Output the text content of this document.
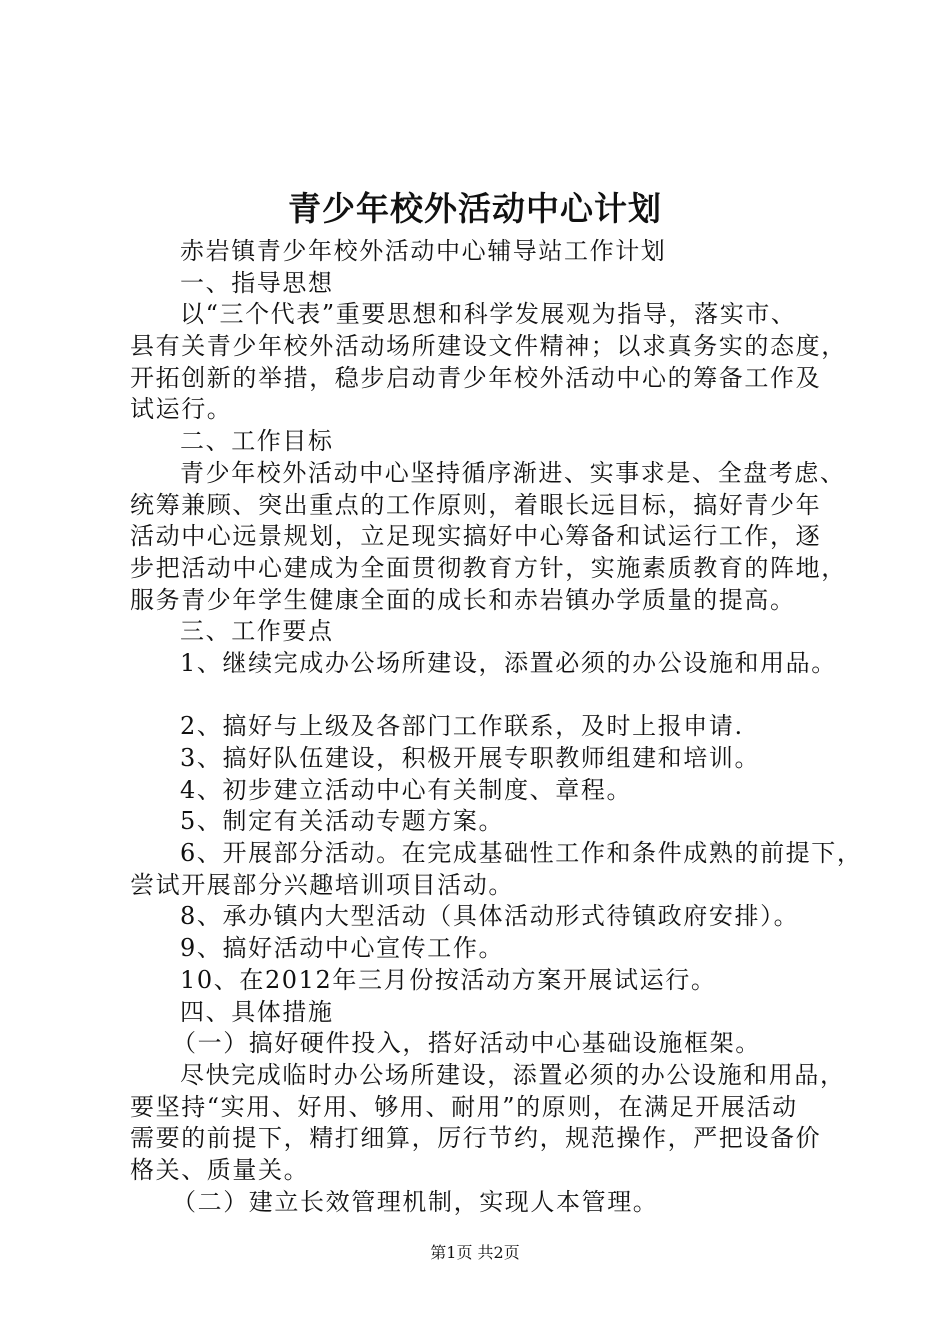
青少年校外活动中心计划
赤岩镇青少年校外活动中心辅导站工作计划
一、指导思想
以“三个代表”重要思想和科学发展观为指导，落实市、
县有关青少年校外活动场所建设文件精神；以求真务实的态度，
开拓创新的举措，稳步启动青少年校外活动中心的筹备工作及
试运行。
二、工作目标
青少年校外活动中心坚持循序渐进、实事求是、全盘考虑、
统筹兼顾、突出重点的工作原则，着眼长远目标，搞好青少年
活动中心远景规划，立足现实搞好中心筹备和试运行工作，逐
步把活动中心建成为全面贯彻教育方针，实施素质教育的阵地，
服务青少年学生健康全面的成长和赤岩镇办学质量的提高。
三、工作要点
1、继续完成办公场所建设，添置必须的办公设施和用品。
2、搞好与上级及各部门工作联系，及时上报申请.
3、搞好队伍建设，积极开展专职教师组建和培训。
4、初步建立活动中心有关制度、章程。
5、制定有关活动专题方案。
6、开展部分活动。在完成基础性工作和条件成熟的前提下，
尝试开展部分兴趣培训项目活动。
8、承办镇内大型活动（具体活动形式待镇政府安排）。
9、搞好活动中心宣传工作。
10、在2012年三月份按活动方案开展试运行。
四、具体措施
（一）搞好硬件投入，搭好活动中心基础设施框架。
尽快完成临时办公场所建设，添置必须的办公设施和用品，
要坚持“实用、好用、够用、耐用”的原则，在满足开展活动
需要的前提下，精打细算，厉行节约，规范操作，严把设备价
格关、质量关。
（二）建立长效管理机制，实现人本管理。
第1页 共2页
